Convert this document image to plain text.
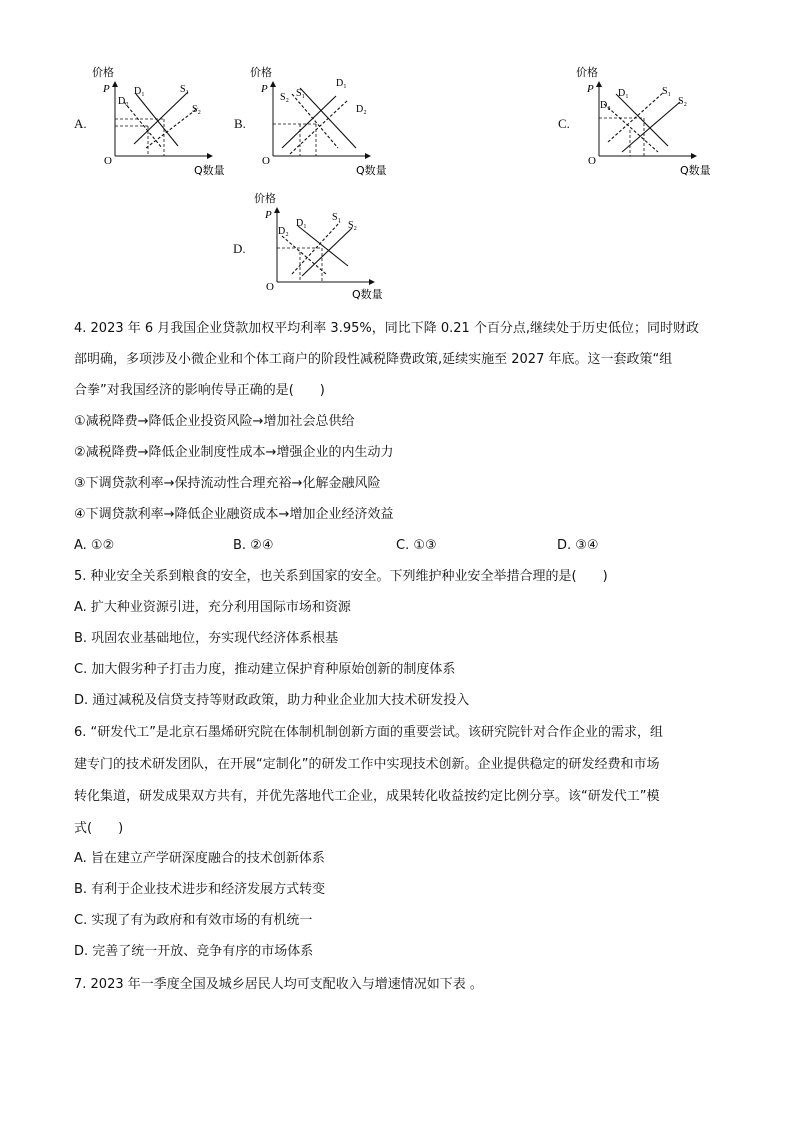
A.	B.	C.
D.
价格
P
O
Q数量
D₁
D₂
S₁
S₂
价格
P
O
Q数量
S₂ S₁
D₁
D₂
价格
P
O
Q数量
D₂
D₁	S₁
S₂
价格
P
O
Q数量
D₂
D₁
S₁
S₂
4. 2023 年 6 月我国企业贷款加权平均利率 3.95%，同比下降 0.21 个百分点,继续处于历史低位；同时财政
部明确，多项涉及小微企业和个体工商户的阶段性减税降费政策,延续实施至 2027 年底。这一套政策“组
合拳”对我国经济的影响传导正确的是(　　)
①减税降费→降低企业投资风险→增加社会总供给
②减税降费→降低企业制度性成本→增强企业的内生动力
③下调贷款利率→保持流动性合理充裕→化解金融风险
④下调贷款利率→降低企业融资成本→增加企业经济效益
A. ①②	B. ②④	C. ①③	D. ③④
5. 种业安全关系到粮食的安全，也关系到国家的安全。下列维护种业安全举措合理的是(　　)
A. 扩大种业资源引进，充分利用国际市场和资源
B. 巩固农业基础地位，夯实现代经济体系根基
C. 加大假劣种子打击力度，推动建立保护育种原始创新的制度体系
D. 通过减税及信贷支持等财政政策，助力种业企业加大技术研发投入
6. “研发代工”是北京石墨烯研究院在体制机制创新方面的重要尝试。该研究院针对合作企业的需求，组
建专门的技术研发团队，在开展“定制化”的研发工作中实现技术创新。企业提供稳定的研发经费和市场
转化集道，研发成果双方共有，并优先落地代工企业，成果转化收益按约定比例分享。该“研发代工”模
式(　　)
A. 旨在建立产学研深度融合的技术创新体系
B. 有利于企业技术进步和经济发展方式转变
C. 实现了有为政府和有效市场的有机统一
D. 完善了统一开放、竞争有序的市场体系
7. 2023 年一季度全国及城乡居民人均可支配收入与增速情况如下表 。
